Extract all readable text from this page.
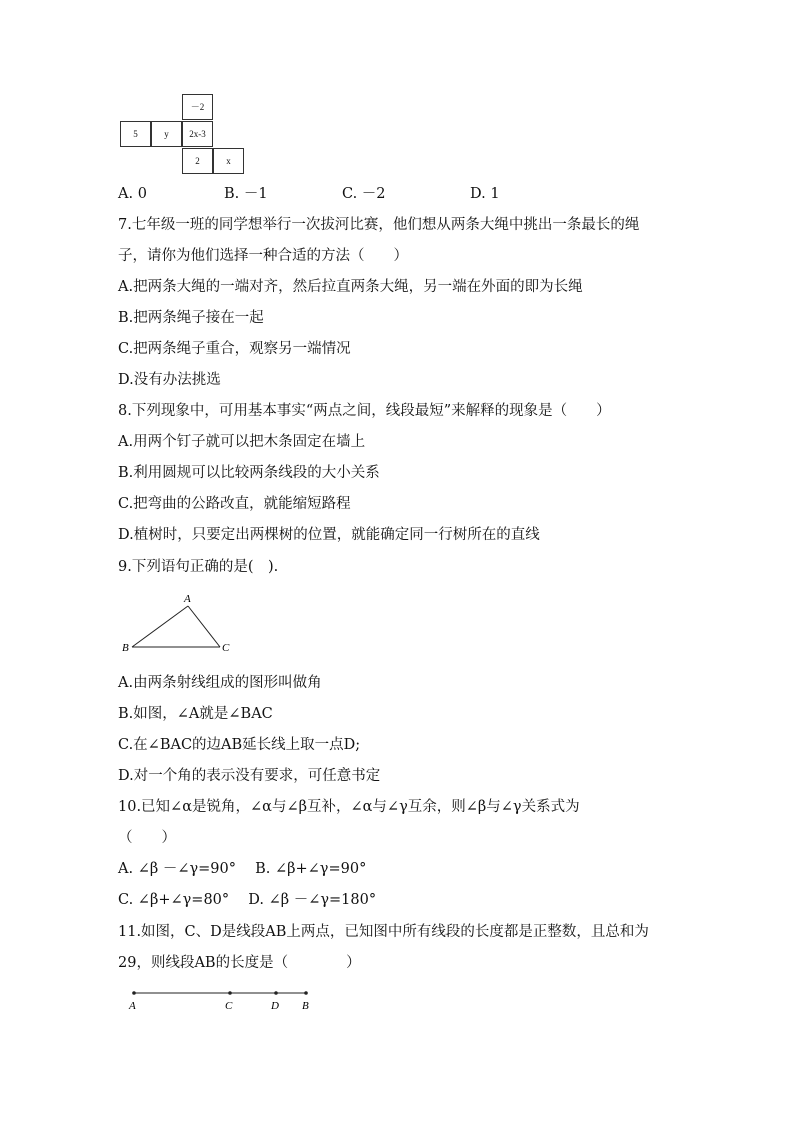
－2
5	y	2x-3
2	x
A. 0	B. －1	C. －2	D. 1
7.七年级一班的同学想举行一次拔河比赛，他们想从两条大绳中挑出一条最长的绳
子，请你为他们选择一种合适的方法（　　）
A.把两条大绳的一端对齐，然后拉直两条大绳，另一端在外面的即为长绳
B.把两条绳子接在一起
C.把两条绳子重合，观察另一端情况
D.没有办法挑选
8.下列现象中，可用基本事实“两点之间，线段最短”来解释的现象是（　　）
A.用两个钉子就可以把木条固定在墙上
B.利用圆规可以比较两条线段的大小关系
C.把弯曲的公路改直，就能缩短路程
D.植树时，只要定出两棵树的位置，就能确定同一行树所在的直线
9.下列语句正确的是(　).
A
B	C
A.由两条射线组成的图形叫做角
B.如图，∠A就是∠BAC
C.在∠BAC的边AB延长线上取一点D;
D.对一个角的表示没有要求，可任意书定
10.已知∠α是锐角，∠α与∠β互补，∠α与∠γ互余，则∠β与∠γ关系式为
（　　）
A. ∠β －∠γ=90°　 B. ∠β+∠γ=90°
C. ∠β+∠γ=80°　 D. ∠β －∠γ=180°
11.如图，C、D是线段AB上两点，已知图中所有线段的长度都是正整数，且总和为
29，则线段AB的长度是（　　　　）
A	C	D B
